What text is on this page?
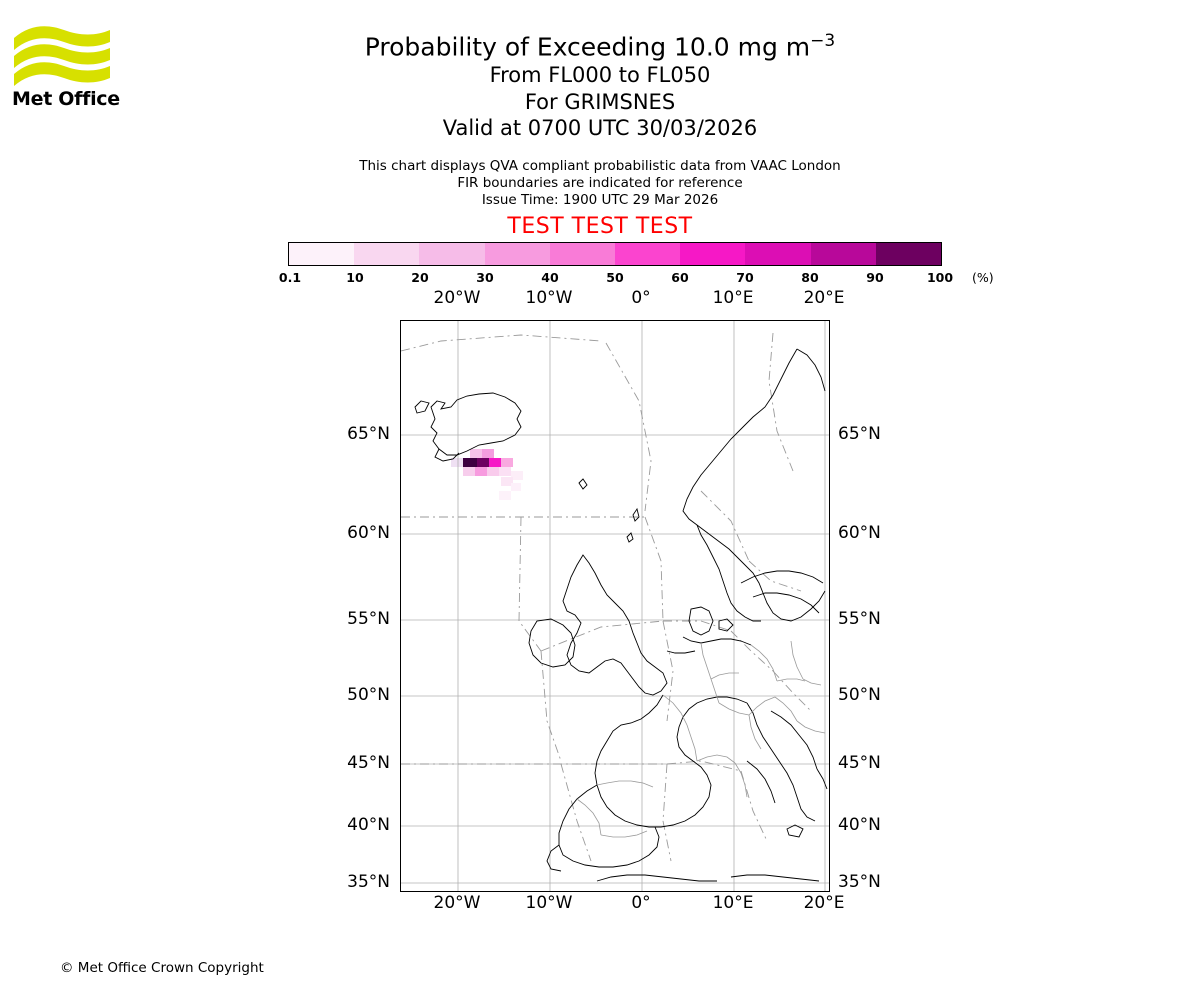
Met Office
Probability of Exceeding 10.0 mg $m^{-3}$
From FL000 to FL050
For GRIMSNES
Valid at 0700 UTC 30/03/2026
This chart displays QVA compliant probabilistic data from VAAC London
FIR boundaries are indicated for reference
Issue Time: 1900 UTC 29 Mar 2026
TEST TEST TEST
0.1	10	20	30	40	50	60	70	80	90	100 (%)
20°W	10°W	0°	10°E	20°E
65°N
60°N
55°N
50°N
45°N
40°N
35°N
65°N
60°N
55°N
50°N
45°N
40°N
35°N
20°W	10°W	0°	10°E	20°E
© Met Office Crown Copyright
